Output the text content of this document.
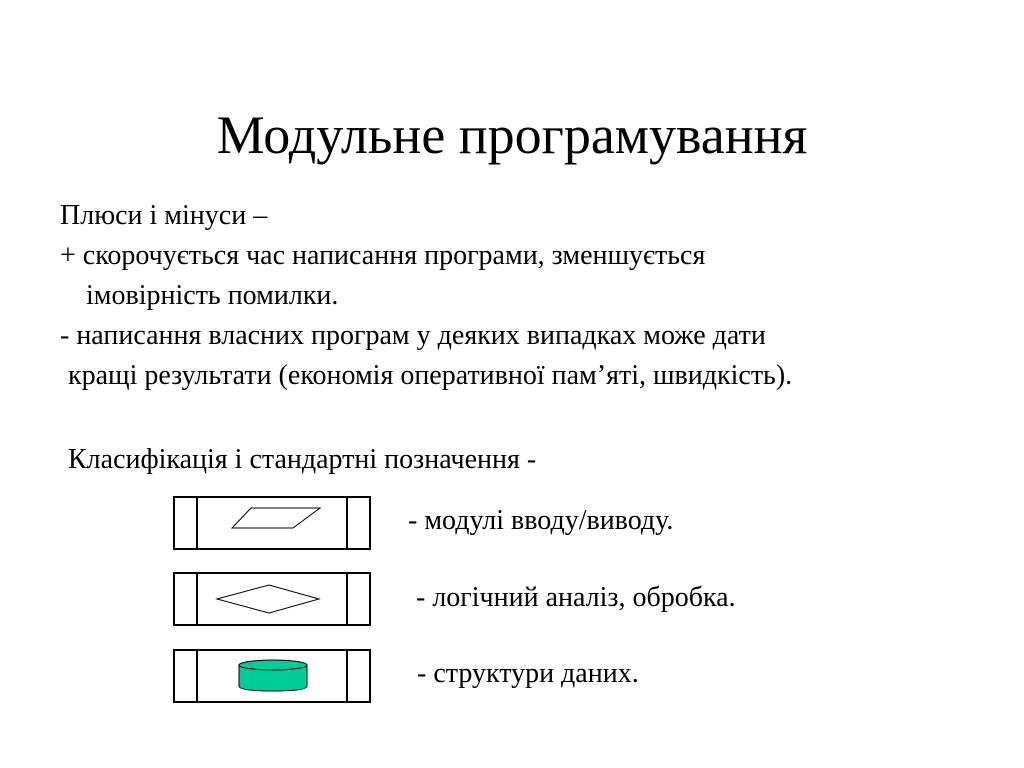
Модульне програмування
Плюси і мінуси –
+ скорочується час написання програми, зменшується
імовірність помилки.
- написання власних програм у деяких випадках може дати
кращі результати (економія оперативної пам’яті, швидкість).
Класифікація і стандартні позначення -
- модулі вводу/виводу.
- логічний аналіз, обробка.
- структури даних.
